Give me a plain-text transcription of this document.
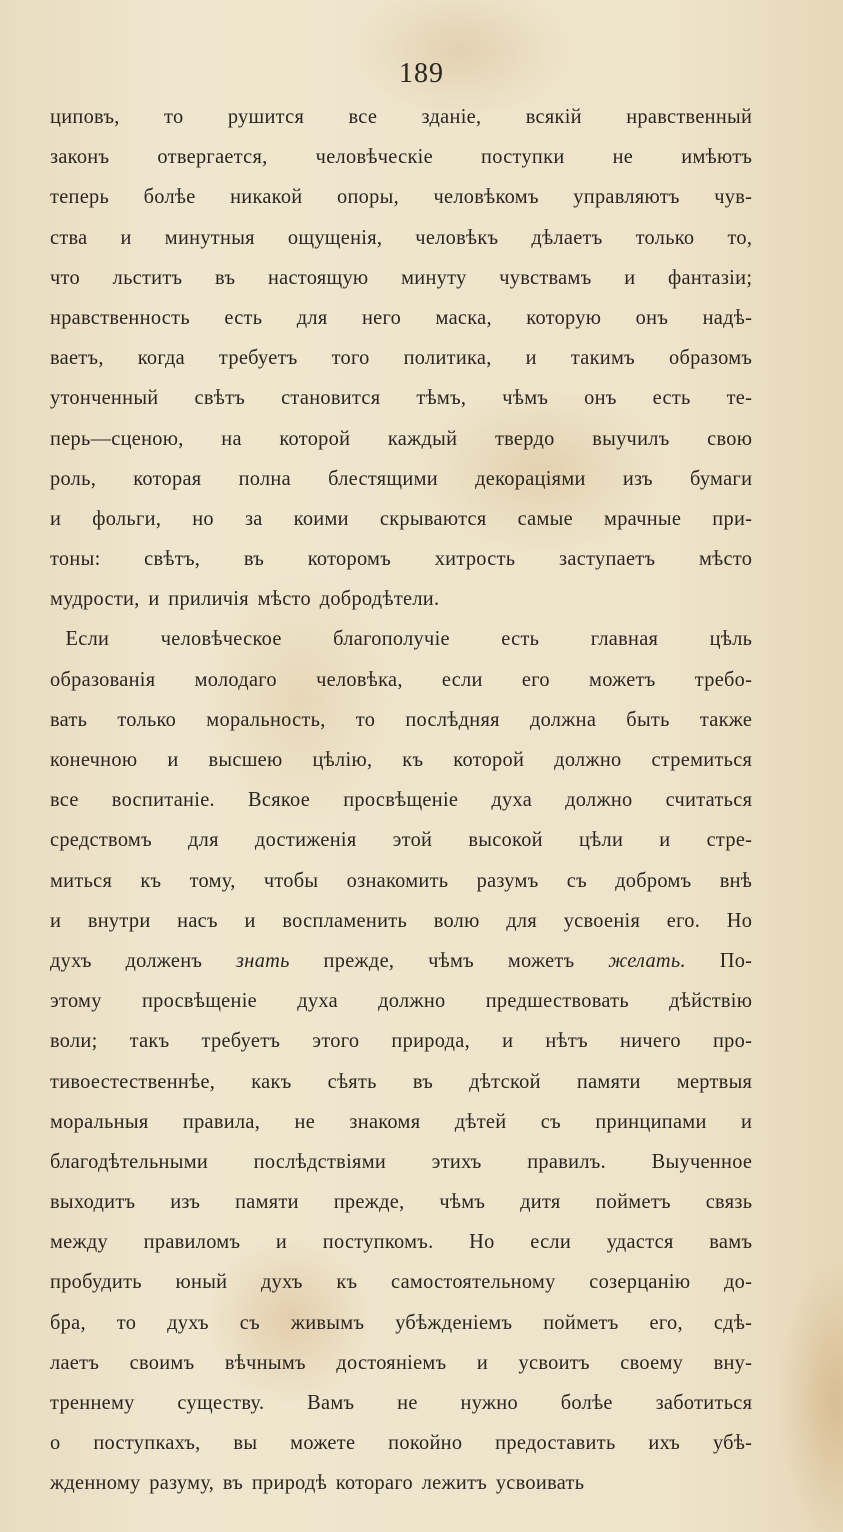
189
циповъ, то рушится все зданіе, всякій нравственный
законъ отвергается, человѣческіе поступки не имѣютъ
теперь болѣе никакой опоры, человѣкомъ управляютъ чув-
ства и минутныя ощущенія, человѣкъ дѣлаетъ только то,
что льститъ въ настоящую минуту чувствамъ и фантазіи;
нравственность есть для него маска, которую онъ надѣ-
ваетъ, когда требуетъ того политика, и такимъ образомъ
утонченный свѣтъ становится тѣмъ, чѣмъ онъ есть те-
перь—сценою, на которой каждый твердо выучилъ свою
роль, которая полна блестящими декораціями изъ бумаги
и фольги, но за коими скрываются самые мрачные при-
тоны: свѣтъ, въ которомъ хитрость заступаетъ мѣсто
мудрости, и приличія мѣсто добродѣтели.
Если человѣческое благополучіе есть главная цѣль
образованія молодаго человѣка, если его можетъ требо-
вать только моральность, то послѣдняя должна быть также
конечною и высшею цѣлію, къ которой должно стремиться
все воспитаніе. Всякое просвѣщеніе духа должно считаться
средствомъ для достиженія этой высокой цѣли и стре-
миться къ тому, чтобы ознакомить разумъ съ добромъ внѣ
и внутри насъ и воспламенить волю для усвоенія его. Но
духъ долженъ знать прежде, чѣмъ можетъ желать. По-
этому просвѣщеніе духа должно предшествовать дѣйствію
воли; такъ требуетъ этого природа, и нѣтъ ничего про-
тивоестественнѣе, какъ сѣять въ дѣтской памяти мертвыя
моральныя правила, не знакомя дѣтей съ принципами и
благодѣтельными послѣдствіями этихъ правилъ. Выученное
выходитъ изъ памяти прежде, чѣмъ дитя пойметъ связь
между правиломъ и поступкомъ. Но если удастся вамъ
пробудить юный духъ къ самостоятельному созерцанію до-
бра, то духъ съ живымъ убѣжденіемъ пойметъ его, сдѣ-
лаетъ своимъ вѣчнымъ достояніемъ и усвоитъ своему вну-
треннему существу. Вамъ не нужно болѣе заботиться
о поступкахъ, вы можете покойно предоставить ихъ убѣ-
жденному разуму, въ природѣ котораго лежитъ усвоивать
